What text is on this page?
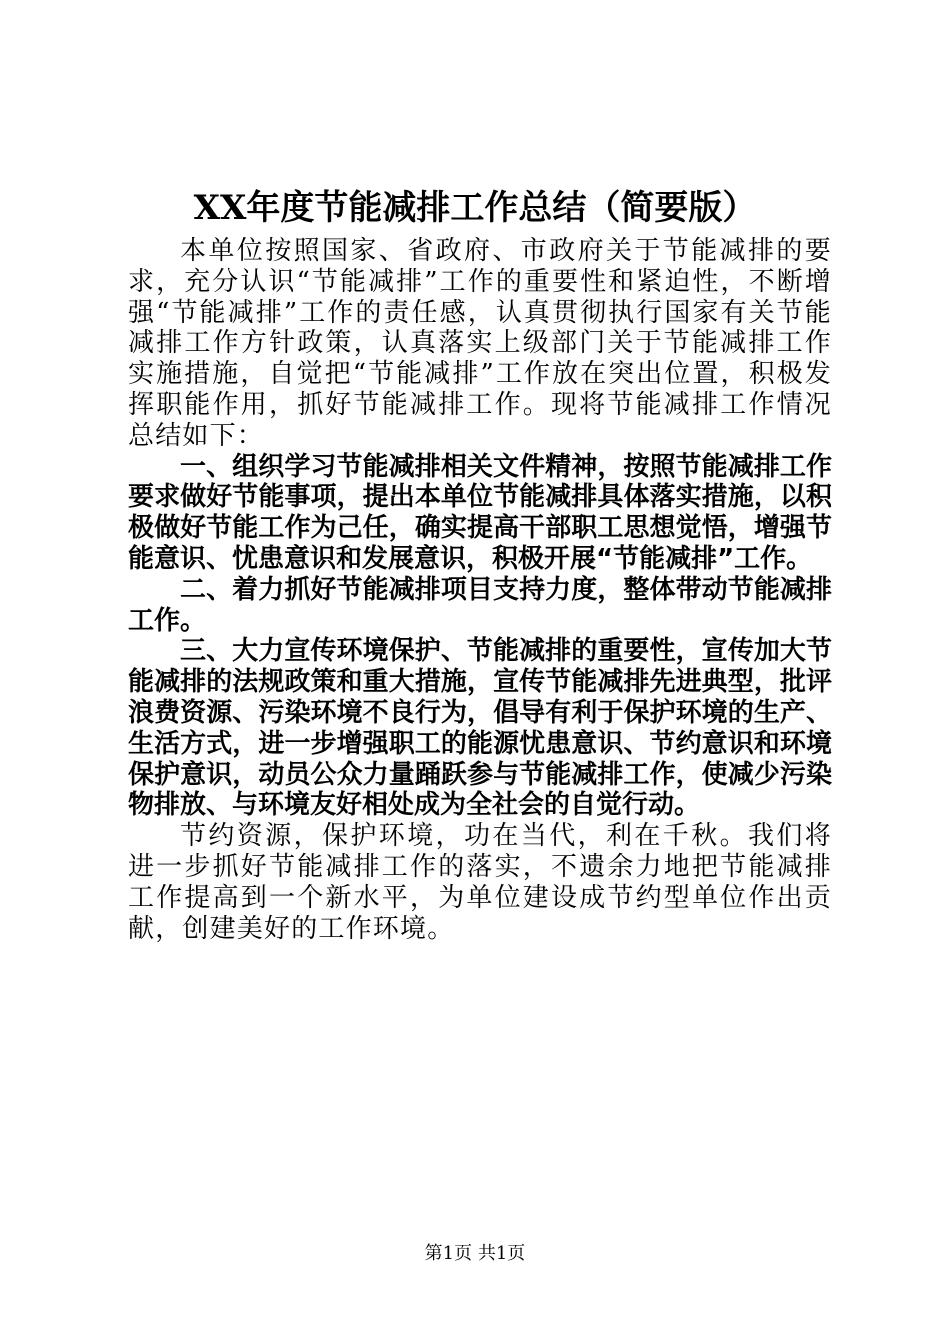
XX年度节能减排工作总结（简要版）

本单位按照国家、省政府、市政府关于节能减排的要求，充分认识“节能减排”工作的重要性和紧迫性，不断增强“节能减排”工作的责任感，认真贯彻执行国家有关节能减排工作方针政策，认真落实上级部门关于节能减排工作实施措施，自觉把“节能减排”工作放在突出位置，积极发挥职能作用，抓好节能减排工作。现将节能减排工作情况总结如下：

一、组织学习节能减排相关文件精神，按照节能减排工作要求做好节能事项，提出本单位节能减排具体落实措施，以积极做好节能工作为己任，确实提高干部职工思想觉悟，增强节能意识、忧患意识和发展意识，积极开展“节能减排”工作。

二、着力抓好节能减排项目支持力度，整体带动节能减排工作。

三、大力宣传环境保护、节能减排的重要性，宣传加大节能减排的法规政策和重大措施，宣传节能减排先进典型，批评浪费资源、污染环境不良行为，倡导有利于保护环境的生产、生活方式，进一步增强职工的能源忧患意识、节约意识和环境保护意识，动员公众力量踊跃参与节能减排工作，使减少污染物排放、与环境友好相处成为全社会的自觉行动。

节约资源，保护环境，功在当代，利在千秋。我们将进一步抓好节能减排工作的落实，不遗余力地把节能减排工作提高到一个新水平，为单位建设成节约型单位作出贡献，创建美好的工作环境。

第1页 共1页
